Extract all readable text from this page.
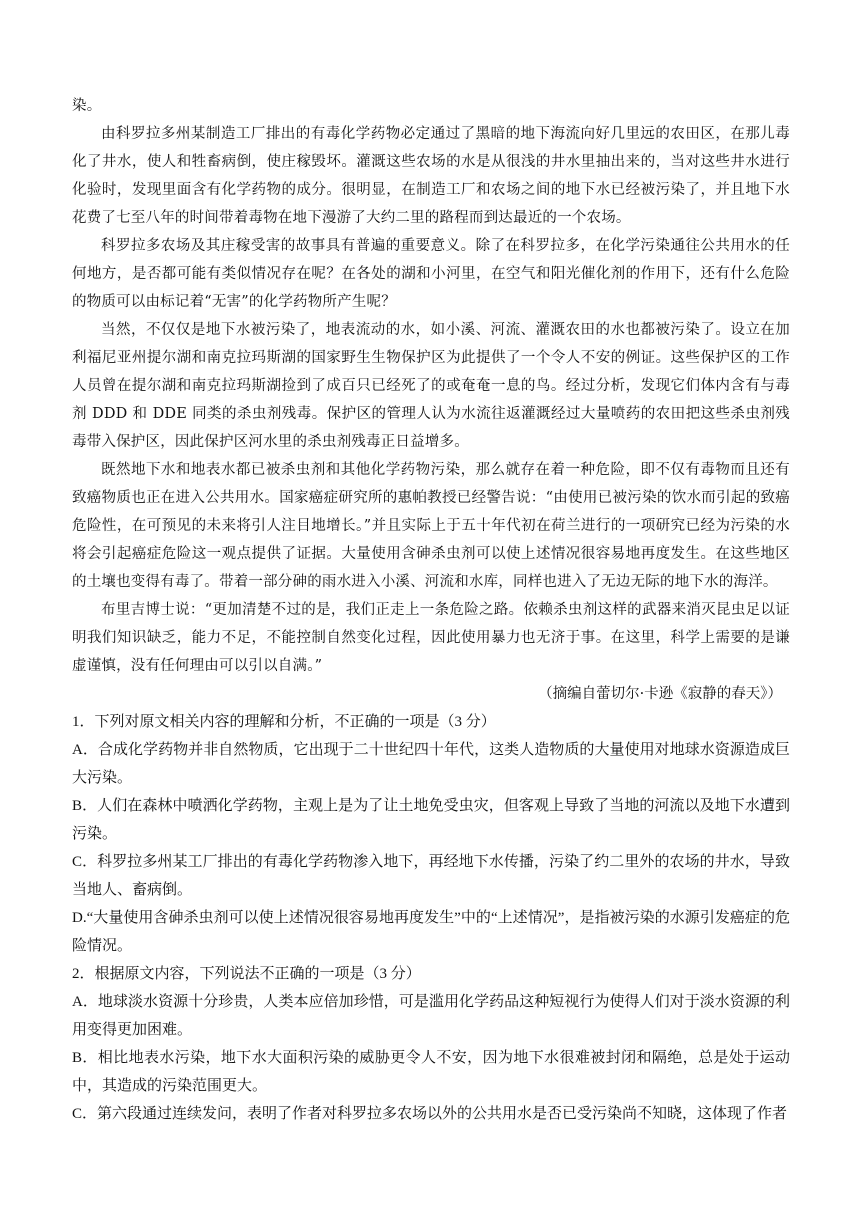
染。

由科罗拉多州某制造工厂排出的有毒化学药物必定通过了黑暗的地下海流向好几里远的农田区，在那儿毒化了井水，使人和牲畜病倒，使庄稼毁坏。灌溉这些农场的水是从很浅的井水里抽出来的，当对这些井水进行化验时，发现里面含有化学药物的成分。很明显，在制造工厂和农场之间的地下水已经被污染了，并且地下水花费了七至八年的时间带着毒物在地下漫游了大约二里的路程而到达最近的一个农场。

科罗拉多农场及其庄稼受害的故事具有普遍的重要意义。除了在科罗拉多，在化学污染通往公共用水的任何地方，是否都可能有类似情况存在呢？在各处的湖和小河里，在空气和阳光催化剂的作用下，还有什么危险的物质可以由标记着“无害”的化学药物所产生呢？

当然，不仅仅是地下水被污染了，地表流动的水，如小溪、河流、灌溉农田的水也都被污染了。设立在加利福尼亚州提尔湖和南克拉玛斯湖的国家野生生物保护区为此提供了一个令人不安的例证。这些保护区的工作人员曾在提尔湖和南克拉玛斯湖捡到了成百只已经死了的或奄奄一息的鸟。经过分析，发现它们体内含有与毒剂 DDD 和 DDE 同类的杀虫剂残毒。保护区的管理人认为水流往返灌溉经过大量喷药的农田把这些杀虫剂残毒带入保护区，因此保护区河水里的杀虫剂残毒正日益增多。

既然地下水和地表水都已被杀虫剂和其他化学药物污染，那么就存在着一种危险，即不仅有毒物而且还有致癌物质也正在进入公共用水。国家癌症研究所的惠帕教授已经警告说：“由使用已被污染的饮水而引起的致癌危险性，在可预见的未来将引人注目地增长。”并且实际上于五十年代初在荷兰进行的一项研究已经为污染的水将会引起癌症危险这一观点提供了证据。大量使用含砷杀虫剂可以使上述情况很容易地再度发生。在这些地区的土壤也变得有毒了。带着一部分砷的雨水进入小溪、河流和水库，同样也进入了无边无际的地下水的海洋。

布里吉博士说：“更加清楚不过的是，我们正走上一条危险之路。依赖杀虫剂这样的武器来消灭昆虫足以证明我们知识缺乏，能力不足，不能控制自然变化过程，因此使用暴力也无济于事。在这里，科学上需要的是谦虚谨慎，没有任何理由可以引以自满。”

（摘编自蕾切尔·卡逊《寂静的春天》）

1．下列对原文相关内容的理解和分析，不正确的一项是（3 分）

A．合成化学药物并非自然物质，它出现于二十世纪四十年代，这类人造物质的大量使用对地球水资源造成巨大污染。

B．人们在森林中喷洒化学药物，主观上是为了让土地免受虫灾，但客观上导致了当地的河流以及地下水遭到污染。

C．科罗拉多州某工厂排出的有毒化学药物渗入地下，再经地下水传播，污染了约二里外的农场的井水，导致当地人、畜病倒。

D.“大量使用含砷杀虫剂可以使上述情况很容易地再度发生”中的“上述情况”，是指被污染的水源引发癌症的危险情况。

2．根据原文内容，下列说法不正确的一项是（3 分）

A．地球淡水资源十分珍贵，人类本应倍加珍惜，可是滥用化学药品这种短视行为使得人们对于淡水资源的利用变得更加困难。

B．相比地表水污染，地下水大面积污染的威胁更令人不安，因为地下水很难被封闭和隔绝，总是处于运动中，其造成的污染范围更大。

C．第六段通过连续发问，表明了作者对科罗拉多农场以外的公共用水是否已受污染尚不知晓，这体现了作者
